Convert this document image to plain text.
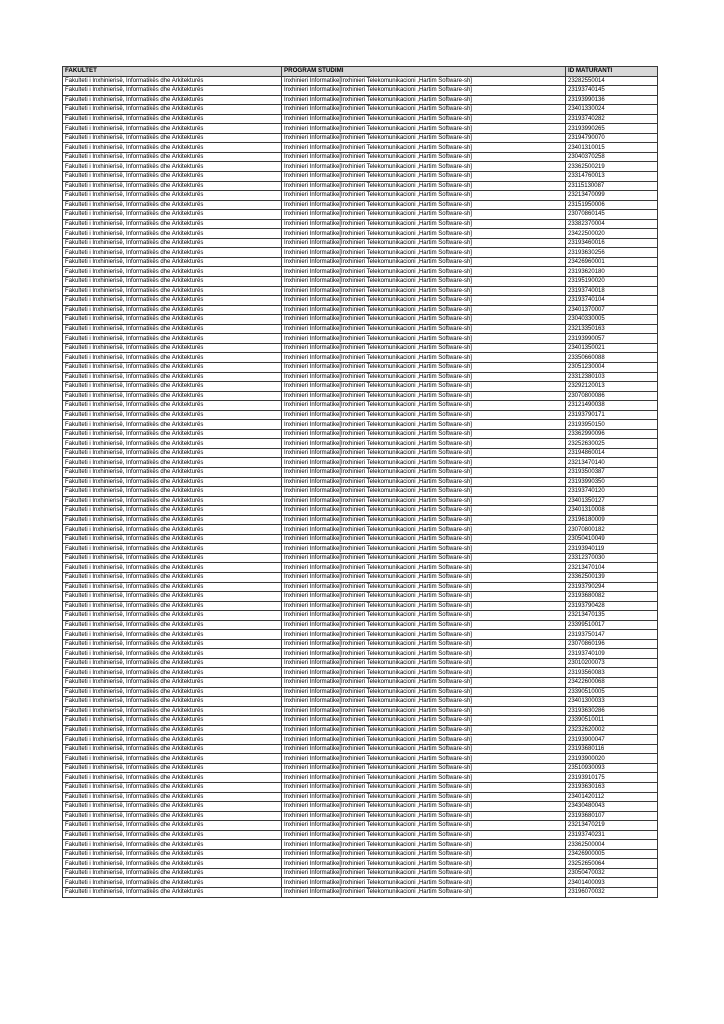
FAKULTET	PROGRAM STUDIMI	ID MATURANTI
Fakulteti i Inxhinierisë, Informatikës dhe Arkitekturës	Inxhinieri Informatike[Inxhinieri Telekomunikacioni ,Hartim Software-sh]	23282550014
Fakulteti i Inxhinierisë, Informatikës dhe Arkitekturës	Inxhinieri Informatike[Inxhinieri Telekomunikacioni ,Hartim Software-sh]	23193740145
Fakulteti i Inxhinierisë, Informatikës dhe Arkitekturës	Inxhinieri Informatike[Inxhinieri Telekomunikacioni ,Hartim Software-sh]	23193990136
Fakulteti i Inxhinierisë, Informatikës dhe Arkitekturës	Inxhinieri Informatike[Inxhinieri Telekomunikacioni ,Hartim Software-sh]	23401330024
Fakulteti i Inxhinierisë, Informatikës dhe Arkitekturës	Inxhinieri Informatike[Inxhinieri Telekomunikacioni ,Hartim Software-sh]	23193740282
Fakulteti i Inxhinierisë, Informatikës dhe Arkitekturës	Inxhinieri Informatike[Inxhinieri Telekomunikacioni ,Hartim Software-sh]	23193990265
Fakulteti i Inxhinierisë, Informatikës dhe Arkitekturës	Inxhinieri Informatike[Inxhinieri Telekomunikacioni ,Hartim Software-sh]	23194790070
Fakulteti i Inxhinierisë, Informatikës dhe Arkitekturës	Inxhinieri Informatike[Inxhinieri Telekomunikacioni ,Hartim Software-sh]	23401310015
Fakulteti i Inxhinierisë, Informatikës dhe Arkitekturës	Inxhinieri Informatike[Inxhinieri Telekomunikacioni ,Hartim Software-sh]	23040370258
Fakulteti i Inxhinierisë, Informatikës dhe Arkitekturës	Inxhinieri Informatike[Inxhinieri Telekomunikacioni ,Hartim Software-sh]	23362500219
Fakulteti i Inxhinierisë, Informatikës dhe Arkitekturës	Inxhinieri Informatike[Inxhinieri Telekomunikacioni ,Hartim Software-sh]	23314760013
Fakulteti i Inxhinierisë, Informatikës dhe Arkitekturës	Inxhinieri Informatike[Inxhinieri Telekomunikacioni ,Hartim Software-sh]	23115130087
Fakulteti i Inxhinierisë, Informatikës dhe Arkitekturës	Inxhinieri Informatike[Inxhinieri Telekomunikacioni ,Hartim Software-sh]	23213470099
Fakulteti i Inxhinierisë, Informatikës dhe Arkitekturës	Inxhinieri Informatike[Inxhinieri Telekomunikacioni ,Hartim Software-sh]	23151950006
Fakulteti i Inxhinierisë, Informatikës dhe Arkitekturës	Inxhinieri Informatike[Inxhinieri Telekomunikacioni ,Hartim Software-sh]	23070860145
Fakulteti i Inxhinierisë, Informatikës dhe Arkitekturës	Inxhinieri Informatike[Inxhinieri Telekomunikacioni ,Hartim Software-sh]	23382370004
Fakulteti i Inxhinierisë, Informatikës dhe Arkitekturës	Inxhinieri Informatike[Inxhinieri Telekomunikacioni ,Hartim Software-sh]	23422500020
Fakulteti i Inxhinierisë, Informatikës dhe Arkitekturës	Inxhinieri Informatike[Inxhinieri Telekomunikacioni ,Hartim Software-sh]	23193460016
Fakulteti i Inxhinierisë, Informatikës dhe Arkitekturës	Inxhinieri Informatike[Inxhinieri Telekomunikacioni ,Hartim Software-sh]	23193630256
Fakulteti i Inxhinierisë, Informatikës dhe Arkitekturës	Inxhinieri Informatike[Inxhinieri Telekomunikacioni ,Hartim Software-sh]	23426960001
Fakulteti i Inxhinierisë, Informatikës dhe Arkitekturës	Inxhinieri Informatike[Inxhinieri Telekomunikacioni ,Hartim Software-sh]	23193620180
Fakulteti i Inxhinierisë, Informatikës dhe Arkitekturës	Inxhinieri Informatike[Inxhinieri Telekomunikacioni ,Hartim Software-sh]	23195190020
Fakulteti i Inxhinierisë, Informatikës dhe Arkitekturës	Inxhinieri Informatike[Inxhinieri Telekomunikacioni ,Hartim Software-sh]	23193740018
Fakulteti i Inxhinierisë, Informatikës dhe Arkitekturës	Inxhinieri Informatike[Inxhinieri Telekomunikacioni ,Hartim Software-sh]	23193740104
Fakulteti i Inxhinierisë, Informatikës dhe Arkitekturës	Inxhinieri Informatike[Inxhinieri Telekomunikacioni ,Hartim Software-sh]	23401370007
Fakulteti i Inxhinierisë, Informatikës dhe Arkitekturës	Inxhinieri Informatike[Inxhinieri Telekomunikacioni ,Hartim Software-sh]	23040330005
Fakulteti i Inxhinierisë, Informatikës dhe Arkitekturës	Inxhinieri Informatike[Inxhinieri Telekomunikacioni ,Hartim Software-sh]	23213350163
Fakulteti i Inxhinierisë, Informatikës dhe Arkitekturës	Inxhinieri Informatike[Inxhinieri Telekomunikacioni ,Hartim Software-sh]	23193990057
Fakulteti i Inxhinierisë, Informatikës dhe Arkitekturës	Inxhinieri Informatike[Inxhinieri Telekomunikacioni ,Hartim Software-sh]	23401350021
Fakulteti i Inxhinierisë, Informatikës dhe Arkitekturës	Inxhinieri Informatike[Inxhinieri Telekomunikacioni ,Hartim Software-sh]	23350660088
Fakulteti i Inxhinierisë, Informatikës dhe Arkitekturës	Inxhinieri Informatike[Inxhinieri Telekomunikacioni ,Hartim Software-sh]	23051230004
Fakulteti i Inxhinierisë, Informatikës dhe Arkitekturës	Inxhinieri Informatike[Inxhinieri Telekomunikacioni ,Hartim Software-sh]	23312380103
Fakulteti i Inxhinierisë, Informatikës dhe Arkitekturës	Inxhinieri Informatike[Inxhinieri Telekomunikacioni ,Hartim Software-sh]	23292120013
Fakulteti i Inxhinierisë, Informatikës dhe Arkitekturës	Inxhinieri Informatike[Inxhinieri Telekomunikacioni ,Hartim Software-sh]	23070800086
Fakulteti i Inxhinierisë, Informatikës dhe Arkitekturës	Inxhinieri Informatike[Inxhinieri Telekomunikacioni ,Hartim Software-sh]	23121490038
Fakulteti i Inxhinierisë, Informatikës dhe Arkitekturës	Inxhinieri Informatike[Inxhinieri Telekomunikacioni ,Hartim Software-sh]	23193790171
Fakulteti i Inxhinierisë, Informatikës dhe Arkitekturës	Inxhinieri Informatike[Inxhinieri Telekomunikacioni ,Hartim Software-sh]	23193950150
Fakulteti i Inxhinierisë, Informatikës dhe Arkitekturës	Inxhinieri Informatike[Inxhinieri Telekomunikacioni ,Hartim Software-sh]	23362990096
Fakulteti i Inxhinierisë, Informatikës dhe Arkitekturës	Inxhinieri Informatike[Inxhinieri Telekomunikacioni ,Hartim Software-sh]	23252630025
Fakulteti i Inxhinierisë, Informatikës dhe Arkitekturës	Inxhinieri Informatike[Inxhinieri Telekomunikacioni ,Hartim Software-sh]	23194860014
Fakulteti i Inxhinierisë, Informatikës dhe Arkitekturës	Inxhinieri Informatike[Inxhinieri Telekomunikacioni ,Hartim Software-sh]	23213470140
Fakulteti i Inxhinierisë, Informatikës dhe Arkitekturës	Inxhinieri Informatike[Inxhinieri Telekomunikacioni ,Hartim Software-sh]	23193500387
Fakulteti i Inxhinierisë, Informatikës dhe Arkitekturës	Inxhinieri Informatike[Inxhinieri Telekomunikacioni ,Hartim Software-sh]	23193990350
Fakulteti i Inxhinierisë, Informatikës dhe Arkitekturës	Inxhinieri Informatike[Inxhinieri Telekomunikacioni ,Hartim Software-sh]	23193740120
Fakulteti i Inxhinierisë, Informatikës dhe Arkitekturës	Inxhinieri Informatike[Inxhinieri Telekomunikacioni ,Hartim Software-sh]	23401350127
Fakulteti i Inxhinierisë, Informatikës dhe Arkitekturës	Inxhinieri Informatike[Inxhinieri Telekomunikacioni ,Hartim Software-sh]	23401310008
Fakulteti i Inxhinierisë, Informatikës dhe Arkitekturës	Inxhinieri Informatike[Inxhinieri Telekomunikacioni ,Hartim Software-sh]	23196180009
Fakulteti i Inxhinierisë, Informatikës dhe Arkitekturës	Inxhinieri Informatike[Inxhinieri Telekomunikacioni ,Hartim Software-sh]	23070800182
Fakulteti i Inxhinierisë, Informatikës dhe Arkitekturës	Inxhinieri Informatike[Inxhinieri Telekomunikacioni ,Hartim Software-sh]	23050410049
Fakulteti i Inxhinierisë, Informatikës dhe Arkitekturës	Inxhinieri Informatike[Inxhinieri Telekomunikacioni ,Hartim Software-sh]	23193940119
Fakulteti i Inxhinierisë, Informatikës dhe Arkitekturës	Inxhinieri Informatike[Inxhinieri Telekomunikacioni ,Hartim Software-sh]	23312370030
Fakulteti i Inxhinierisë, Informatikës dhe Arkitekturës	Inxhinieri Informatike[Inxhinieri Telekomunikacioni ,Hartim Software-sh]	23213470104
Fakulteti i Inxhinierisë, Informatikës dhe Arkitekturës	Inxhinieri Informatike[Inxhinieri Telekomunikacioni ,Hartim Software-sh]	23362500139
Fakulteti i Inxhinierisë, Informatikës dhe Arkitekturës	Inxhinieri Informatike[Inxhinieri Telekomunikacioni ,Hartim Software-sh]	23193790294
Fakulteti i Inxhinierisë, Informatikës dhe Arkitekturës	Inxhinieri Informatike[Inxhinieri Telekomunikacioni ,Hartim Software-sh]	23193680082
Fakulteti i Inxhinierisë, Informatikës dhe Arkitekturës	Inxhinieri Informatike[Inxhinieri Telekomunikacioni ,Hartim Software-sh]	23193790428
Fakulteti i Inxhinierisë, Informatikës dhe Arkitekturës	Inxhinieri Informatike[Inxhinieri Telekomunikacioni ,Hartim Software-sh]	23213470135
Fakulteti i Inxhinierisë, Informatikës dhe Arkitekturës	Inxhinieri Informatike[Inxhinieri Telekomunikacioni ,Hartim Software-sh]	23399510017
Fakulteti i Inxhinierisë, Informatikës dhe Arkitekturës	Inxhinieri Informatike[Inxhinieri Telekomunikacioni ,Hartim Software-sh]	23193750147
Fakulteti i Inxhinierisë, Informatikës dhe Arkitekturës	Inxhinieri Informatike[Inxhinieri Telekomunikacioni ,Hartim Software-sh]	23070860196
Fakulteti i Inxhinierisë, Informatikës dhe Arkitekturës	Inxhinieri Informatike[Inxhinieri Telekomunikacioni ,Hartim Software-sh]	23193740109
Fakulteti i Inxhinierisë, Informatikës dhe Arkitekturës	Inxhinieri Informatike[Inxhinieri Telekomunikacioni ,Hartim Software-sh]	23010200073
Fakulteti i Inxhinierisë, Informatikës dhe Arkitekturës	Inxhinieri Informatike[Inxhinieri Telekomunikacioni ,Hartim Software-sh]	23193560083
Fakulteti i Inxhinierisë, Informatikës dhe Arkitekturës	Inxhinieri Informatike[Inxhinieri Telekomunikacioni ,Hartim Software-sh]	23422600068
Fakulteti i Inxhinierisë, Informatikës dhe Arkitekturës	Inxhinieri Informatike[Inxhinieri Telekomunikacioni ,Hartim Software-sh]	23390510005
Fakulteti i Inxhinierisë, Informatikës dhe Arkitekturës	Inxhinieri Informatike[Inxhinieri Telekomunikacioni ,Hartim Software-sh]	23401300033
Fakulteti i Inxhinierisë, Informatikës dhe Arkitekturës	Inxhinieri Informatike[Inxhinieri Telekomunikacioni ,Hartim Software-sh]	23193630286
Fakulteti i Inxhinierisë, Informatikës dhe Arkitekturës	Inxhinieri Informatike[Inxhinieri Telekomunikacioni ,Hartim Software-sh]	23390510011
Fakulteti i Inxhinierisë, Informatikës dhe Arkitekturës	Inxhinieri Informatike[Inxhinieri Telekomunikacioni ,Hartim Software-sh]	23232620002
Fakulteti i Inxhinierisë, Informatikës dhe Arkitekturës	Inxhinieri Informatike[Inxhinieri Telekomunikacioni ,Hartim Software-sh]	23193900047
Fakulteti i Inxhinierisë, Informatikës dhe Arkitekturës	Inxhinieri Informatike[Inxhinieri Telekomunikacioni ,Hartim Software-sh]	23193680116
Fakulteti i Inxhinierisë, Informatikës dhe Arkitekturës	Inxhinieri Informatike[Inxhinieri Telekomunikacioni ,Hartim Software-sh]	23193900020
Fakulteti i Inxhinierisë, Informatikës dhe Arkitekturës	Inxhinieri Informatike[Inxhinieri Telekomunikacioni ,Hartim Software-sh]	23510930093
Fakulteti i Inxhinierisë, Informatikës dhe Arkitekturës	Inxhinieri Informatike[Inxhinieri Telekomunikacioni ,Hartim Software-sh]	23193910175
Fakulteti i Inxhinierisë, Informatikës dhe Arkitekturës	Inxhinieri Informatike[Inxhinieri Telekomunikacioni ,Hartim Software-sh]	23193630163
Fakulteti i Inxhinierisë, Informatikës dhe Arkitekturës	Inxhinieri Informatike[Inxhinieri Telekomunikacioni ,Hartim Software-sh]	23401420112
Fakulteti i Inxhinierisë, Informatikës dhe Arkitekturës	Inxhinieri Informatike[Inxhinieri Telekomunikacioni ,Hartim Software-sh]	23430480043
Fakulteti i Inxhinierisë, Informatikës dhe Arkitekturës	Inxhinieri Informatike[Inxhinieri Telekomunikacioni ,Hartim Software-sh]	23193680107
Fakulteti i Inxhinierisë, Informatikës dhe Arkitekturës	Inxhinieri Informatike[Inxhinieri Telekomunikacioni ,Hartim Software-sh]	23213470219
Fakulteti i Inxhinierisë, Informatikës dhe Arkitekturës	Inxhinieri Informatike[Inxhinieri Telekomunikacioni ,Hartim Software-sh]	23193740231
Fakulteti i Inxhinierisë, Informatikës dhe Arkitekturës	Inxhinieri Informatike[Inxhinieri Telekomunikacioni ,Hartim Software-sh]	23362500004
Fakulteti i Inxhinierisë, Informatikës dhe Arkitekturës	Inxhinieri Informatike[Inxhinieri Telekomunikacioni ,Hartim Software-sh]	23426900005
Fakulteti i Inxhinierisë, Informatikës dhe Arkitekturës	Inxhinieri Informatike[Inxhinieri Telekomunikacioni ,Hartim Software-sh]	23252650064
Fakulteti i Inxhinierisë, Informatikës dhe Arkitekturës	Inxhinieri Informatike[Inxhinieri Telekomunikacioni ,Hartim Software-sh]	23050470032
Fakulteti i Inxhinierisë, Informatikës dhe Arkitekturës	Inxhinieri Informatike[Inxhinieri Telekomunikacioni ,Hartim Software-sh]	23401400093
Fakulteti i Inxhinierisë, Informatikës dhe Arkitekturës	Inxhinieri Informatike[Inxhinieri Telekomunikacioni ,Hartim Software-sh]	23196070032
